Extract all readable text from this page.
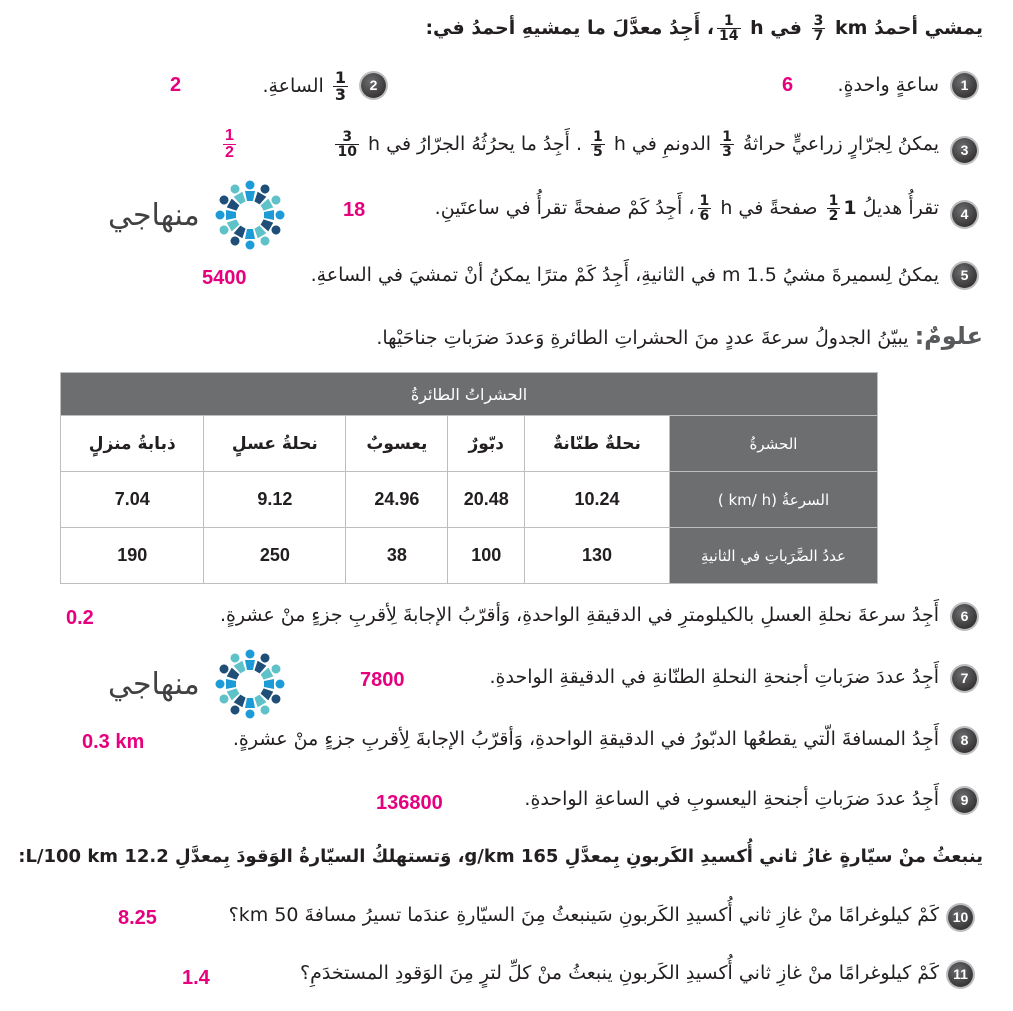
يمشي أحمدُ km
$\frac{3}{7}$
في h
$\frac{1}{14}$
، أَجِدُ معدَّلَ ما يمشيهِ أحمدُ في:
1
ساعةٍ واحدةٍ.
6
2
$\frac{1}{3}$
الساعةِ.
2
3
يمكنُ لِجرّارٍ زراعيٍّ حراثةُ
$\frac{1}{3}$
الدونمِ في h
$\frac{1}{5}$
. أَجِدُ ما يحرُثُهُ الجرّارُ في h
$\frac{3}{10}$
$\frac{1}{2}$
4
تقرأُ هديلُ 1
$\frac{1}{2}$
صفحةً في h
$\frac{1}{6}$
، أَجِدُ كَمْ صفحةً تقرأُ في ساعتَينِ.
18
منهاجي
5
يمكنُ لِسميرةَ مشيُ 1.5 m في الثانيةِ، أَجِدُ كَمْ مترًا يمكنُ أنْ تمشيَ في الساعةِ.
5400
علومٌ: يبيّنُ الجدولُ سرعةَ عددٍ منَ الحشراتِ الطائرةِ وَعددَ ضرَباتِ جناحَيْها.
الحشراتُ الطائرةُ					
الحشرةُ	نحلةٌ طنّانةٌ	دبّورٌ	يعسوبٌ	نحلةُ عسلٍ	ذبابةُ منزلٍ
السرعةُ (km/ h )	10.24	20.48	24.96	9.12	7.04
عددُ الضَّرَباتِ في الثانيةِ	130	100	38	250	190
6
أَجِدُ سرعةَ نحلةِ العسلِ بالكيلومترِ في الدقيقةِ الواحدةِ، وَأقرّبُ الإجابةَ لِأقربِ جزءٍ منْ عشرةٍ.
0.2
7
أَجِدُ عددَ ضرَباتِ أجنحةِ النحلةِ الطنّانةِ في الدقيقةِ الواحدةِ.
7800
منهاجي
8
أَجِدُ المسافةَ الّتي يقطعُها الدبّورُ في الدقيقةِ الواحدةِ، وَأقرّبُ الإجابةَ لِأقربِ جزءٍ منْ عشرةٍ.
0.3 km
9
أَجِدُ عددَ ضرَباتِ أجنحةِ اليعسوبِ في الساعةِ الواحدةِ.
136800
ينبعثُ منْ سيّارةٍ غازُ ثاني أُكسيدِ الكَربونِ بِمعدَّلِ 165 g/km، وَتستهلكُ السيّارةُ الوَقودَ بِمعدَّلِ 12.2 L/100 km:
10
كَمْ كيلوغرامًا منْ غازِ ثاني أُكسيدِ الكَربونِ سَينبعثُ مِنَ السيّارةِ عندَما تسيرُ مسافةَ 50 km؟
8.25
11
كَمْ كيلوغرامًا منْ غازِ ثاني أُكسيدِ الكَربونِ ينبعثُ منْ كلِّ لترٍ مِنَ الوَقودِ المستخدَمِ؟
1.4
